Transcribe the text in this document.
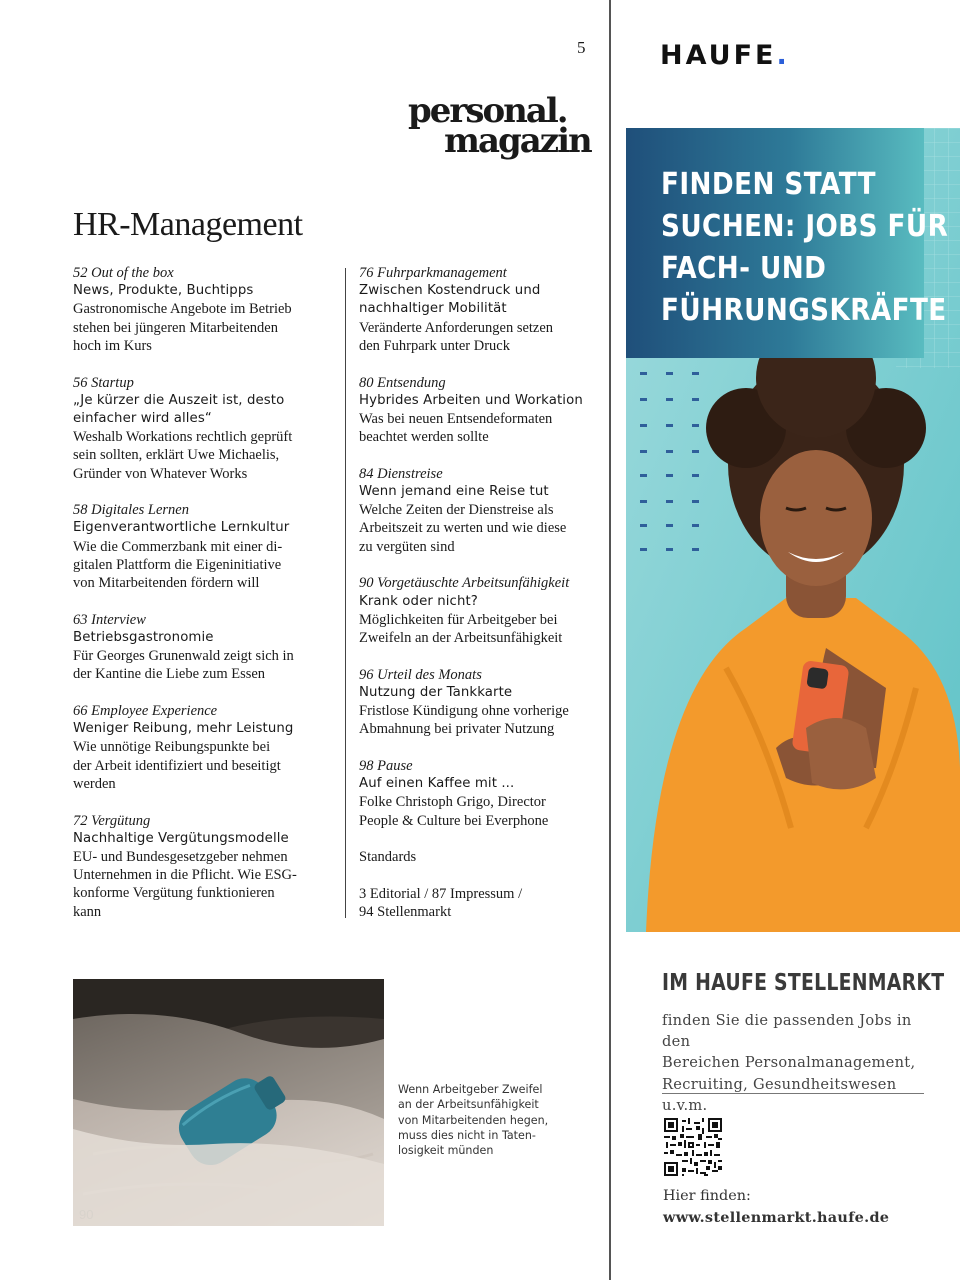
5
personal.
magazin
HR-Management
52 Out of the box
News, Produkte, Buchtipps
Gastronomische Angebote im Betrieb
stehen bei jüngeren Mitarbeitenden
hoch im Kurs
56 Startup
„Je kürzer die Auszeit ist, desto
einfacher wird alles“
Weshalb Workations rechtlich geprüft
sein sollten, erklärt Uwe Michaelis,
Gründer von Whatever Works
58 Digitales Lernen
Eigenverantwortliche Lernkultur
Wie die Commerzbank mit einer di-
gitalen Plattform die Eigeninitiative
von Mitarbeitenden fördern will
63 Interview
Betriebsgastronomie
Für Georges Grunenwald zeigt sich in
der Kantine die Liebe zum Essen
66 Employee Experience
Weniger Reibung, mehr Leistung
Wie unnötige Reibungspunkte bei
der Arbeit identifiziert und beseitigt
werden
72 Vergütung
Nachhaltige Vergütungsmodelle
EU- und Bundesgesetzgeber nehmen
Unternehmen in die Pflicht. Wie ESG-
konforme Vergütung funktionieren
kann
76 Fuhrparkmanagement
Zwischen Kostendruck und
nachhaltiger Mobilität
Veränderte Anforderungen setzen
den Fuhrpark unter Druck
80 Entsendung
Hybrides Arbeiten und Workation
Was bei neuen Entsendeformaten
beachtet werden sollte
84 Dienstreise
Wenn jemand eine Reise tut
Welche Zeiten der Dienstreise als
Arbeitszeit zu werten und wie diese
zu vergüten sind
90 Vorgetäuschte Arbeitsunfähigkeit
Krank oder nicht?
Möglichkeiten für Arbeitgeber bei
Zweifeln an der Arbeitsunfähigkeit
96 Urteil des Monats
Nutzung der Tankkarte
Fristlose Kündigung ohne vorherige
Abmahnung bei privater Nutzung
98 Pause
Auf einen Kaffee mit ...
Folke Christoph Grigo, Director
People & Culture bei Everphone
Standards
3 Editorial / 87 Impressum /
94 Stellenmarkt
90
Wenn Arbeitgeber Zweifel
an der Arbeitsunfähigkeit
von Mitarbeitenden hegen,
muss dies nicht in Taten-
losigkeit münden
HAUFE.
FINDEN STATT
SUCHEN: JOBS FÜR
FACH- UND
FÜHRUNGSKRÄFTE
IM HAUFE STELLENMARKT
finden Sie die passenden Jobs in den
Bereichen Personalmanagement,
Recruiting, Gesundheitswesen u.v.m.
Hier finden:
www.stellenmarkt.haufe.de
